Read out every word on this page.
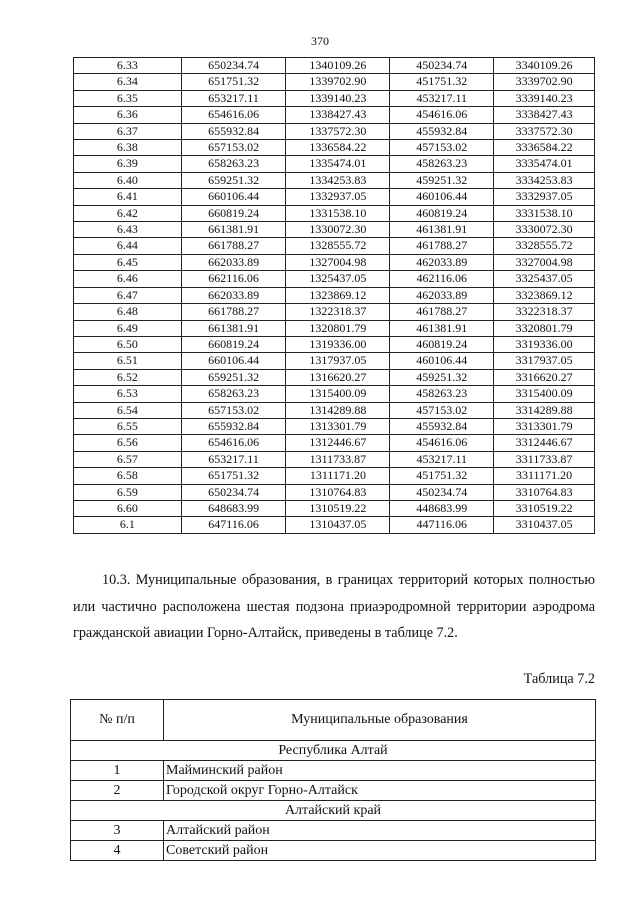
370
6.33	650234.74	1340109.26	450234.74	3340109.26
6.34	651751.32	1339702.90	451751.32	3339702.90
6.35	653217.11	1339140.23	453217.11	3339140.23
6.36	654616.06	1338427.43	454616.06	3338427.43
6.37	655932.84	1337572.30	455932.84	3337572.30
6.38	657153.02	1336584.22	457153.02	3336584.22
6.39	658263.23	1335474.01	458263.23	3335474.01
6.40	659251.32	1334253.83	459251.32	3334253.83
6.41	660106.44	1332937.05	460106.44	3332937.05
6.42	660819.24	1331538.10	460819.24	3331538.10
6.43	661381.91	1330072.30	461381.91	3330072.30
6.44	661788.27	1328555.72	461788.27	3328555.72
6.45	662033.89	1327004.98	462033.89	3327004.98
6.46	662116.06	1325437.05	462116.06	3325437.05
6.47	662033.89	1323869.12	462033.89	3323869.12
6.48	661788.27	1322318.37	461788.27	3322318.37
6.49	661381.91	1320801.79	461381.91	3320801.79
6.50	660819.24	1319336.00	460819.24	3319336.00
6.51	660106.44	1317937.05	460106.44	3317937.05
6.52	659251.32	1316620.27	459251.32	3316620.27
6.53	658263.23	1315400.09	458263.23	3315400.09
6.54	657153.02	1314289.88	457153.02	3314289.88
6.55	655932.84	1313301.79	455932.84	3313301.79
6.56	654616.06	1312446.67	454616.06	3312446.67
6.57	653217.11	1311733.87	453217.11	3311733.87
6.58	651751.32	1311171.20	451751.32	3311171.20
6.59	650234.74	1310764.83	450234.74	3310764.83
6.60	648683.99	1310519.22	448683.99	3310519.22
6.1	647116.06	1310437.05	447116.06	3310437.05
10.3. Муниципальные образования, в границах территорий которых полностью или частично расположена шестая подзона приаэродромной территории аэродрома гражданской авиации Горно-Алтайск, приведены в таблице 7.2.
Таблица 7.2
№ п/п	Муниципальные образования
Республика Алтай	
1	Майминский район
2	Городской округ Горно-Алтайск
Алтайский край	
3	Алтайский район
4	Советский район
